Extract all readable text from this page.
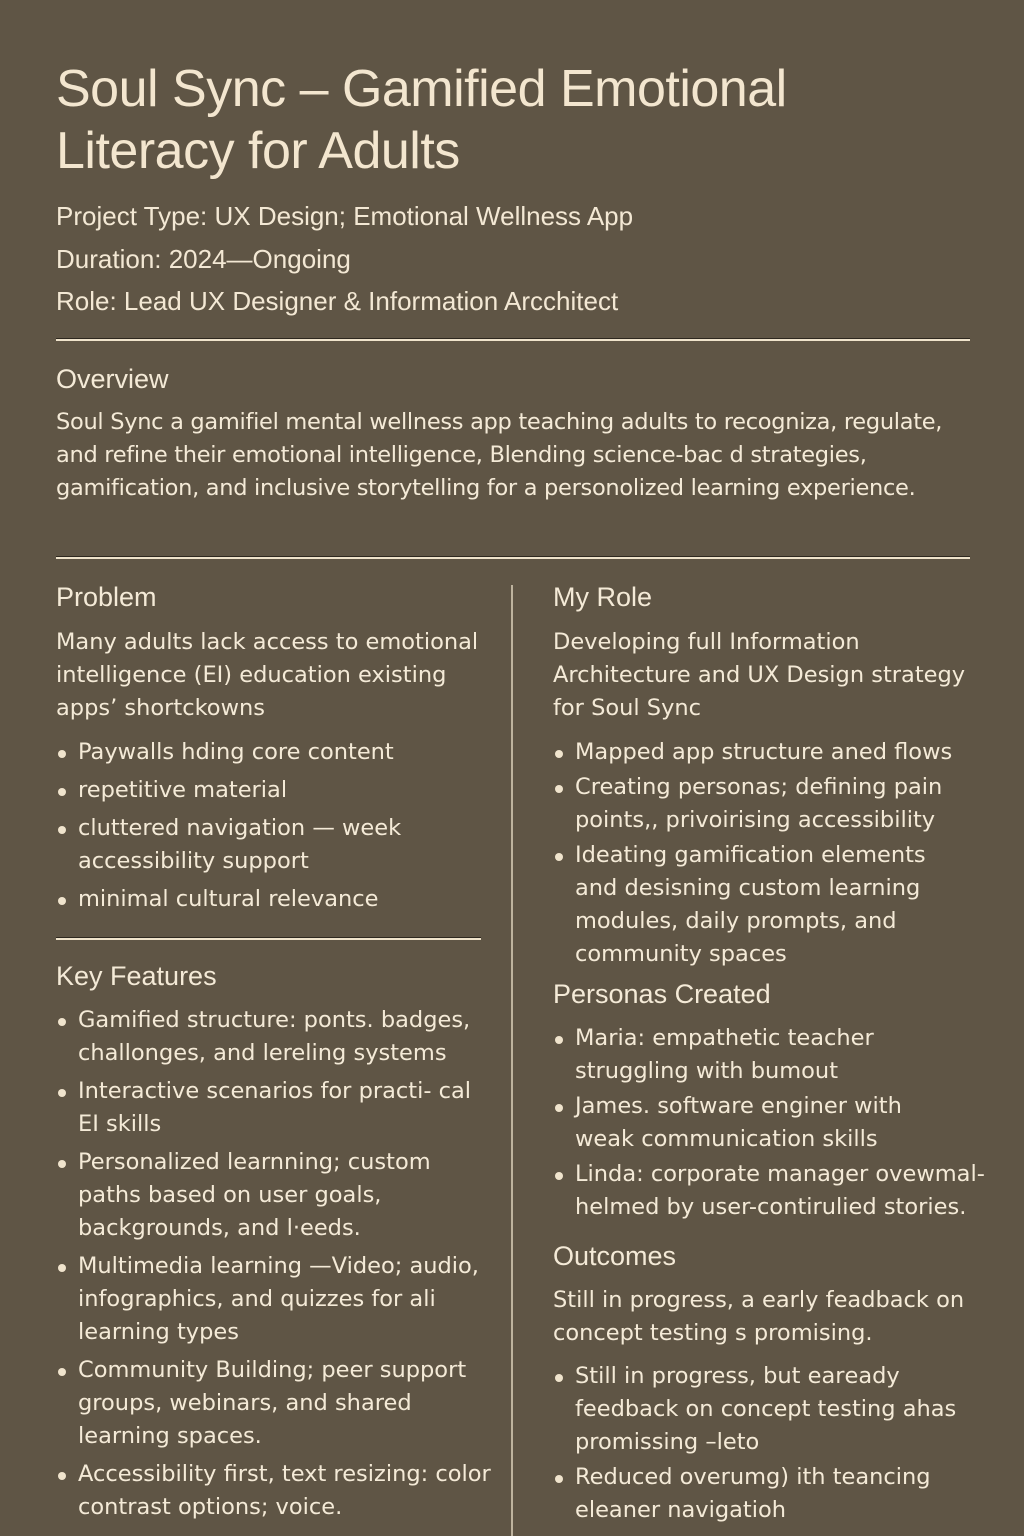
Soul Sync – Gamified Emotional Literacy for Adults
Project Type: UX Design; Emotional Wellness App
Duration: 2024—Ongoing
Role: Lead UX Designer & Information Arcchitect
Overview

Soul Sync a gamifiel mental wellness app teaching adults to recogniza, regulate, and refine their emotional intelligence, Blending science-bac d strategies, gamification, and inclusive storytelling for a personolized learning experience.

Problem

Many adults lack access to emotional intelligence (EI) education existing apps’ shortckowns

Paywalls hding core content
repetitive material
cluttered navigation — week accessibility support
minimal cultural relevance
Key Features
Gamified structure: ponts. badges, challonges, and lereling systems
Interactive scenarios for practi- cal EI skills
Personalized learnning; custom paths based on user goals, backgrounds, and l·eeds.
Multimedia learning —Video; audio, infographics, and quizzes for ali learning types
Community Building; peer support groups, webinars, and shared learning spaces.
Accessibility first, text resizing: color contrast options; voice.
My Role

Developing full Information Architecture and UX Design strategy for Soul Sync

Mapped app structure aned flows
Creating personas; defining pain points,, privoirising accessibility
Ideating gamification elements and desisning custom learning modules, daily prompts, and community spaces
Personas Created
Maria: empathetic teacher struggling with bumout
James. software enginer with weak communication skills
Linda: corporate manager ovewmal- helmed by user-contirulied stories.
Outcomes

Still in progress, a early feadback on concept testing s promising.

Still in progress, but earеady feedback on concept testing ahas promissing –leto
Reduced overumg) ith teancing eleaner navigatioh
